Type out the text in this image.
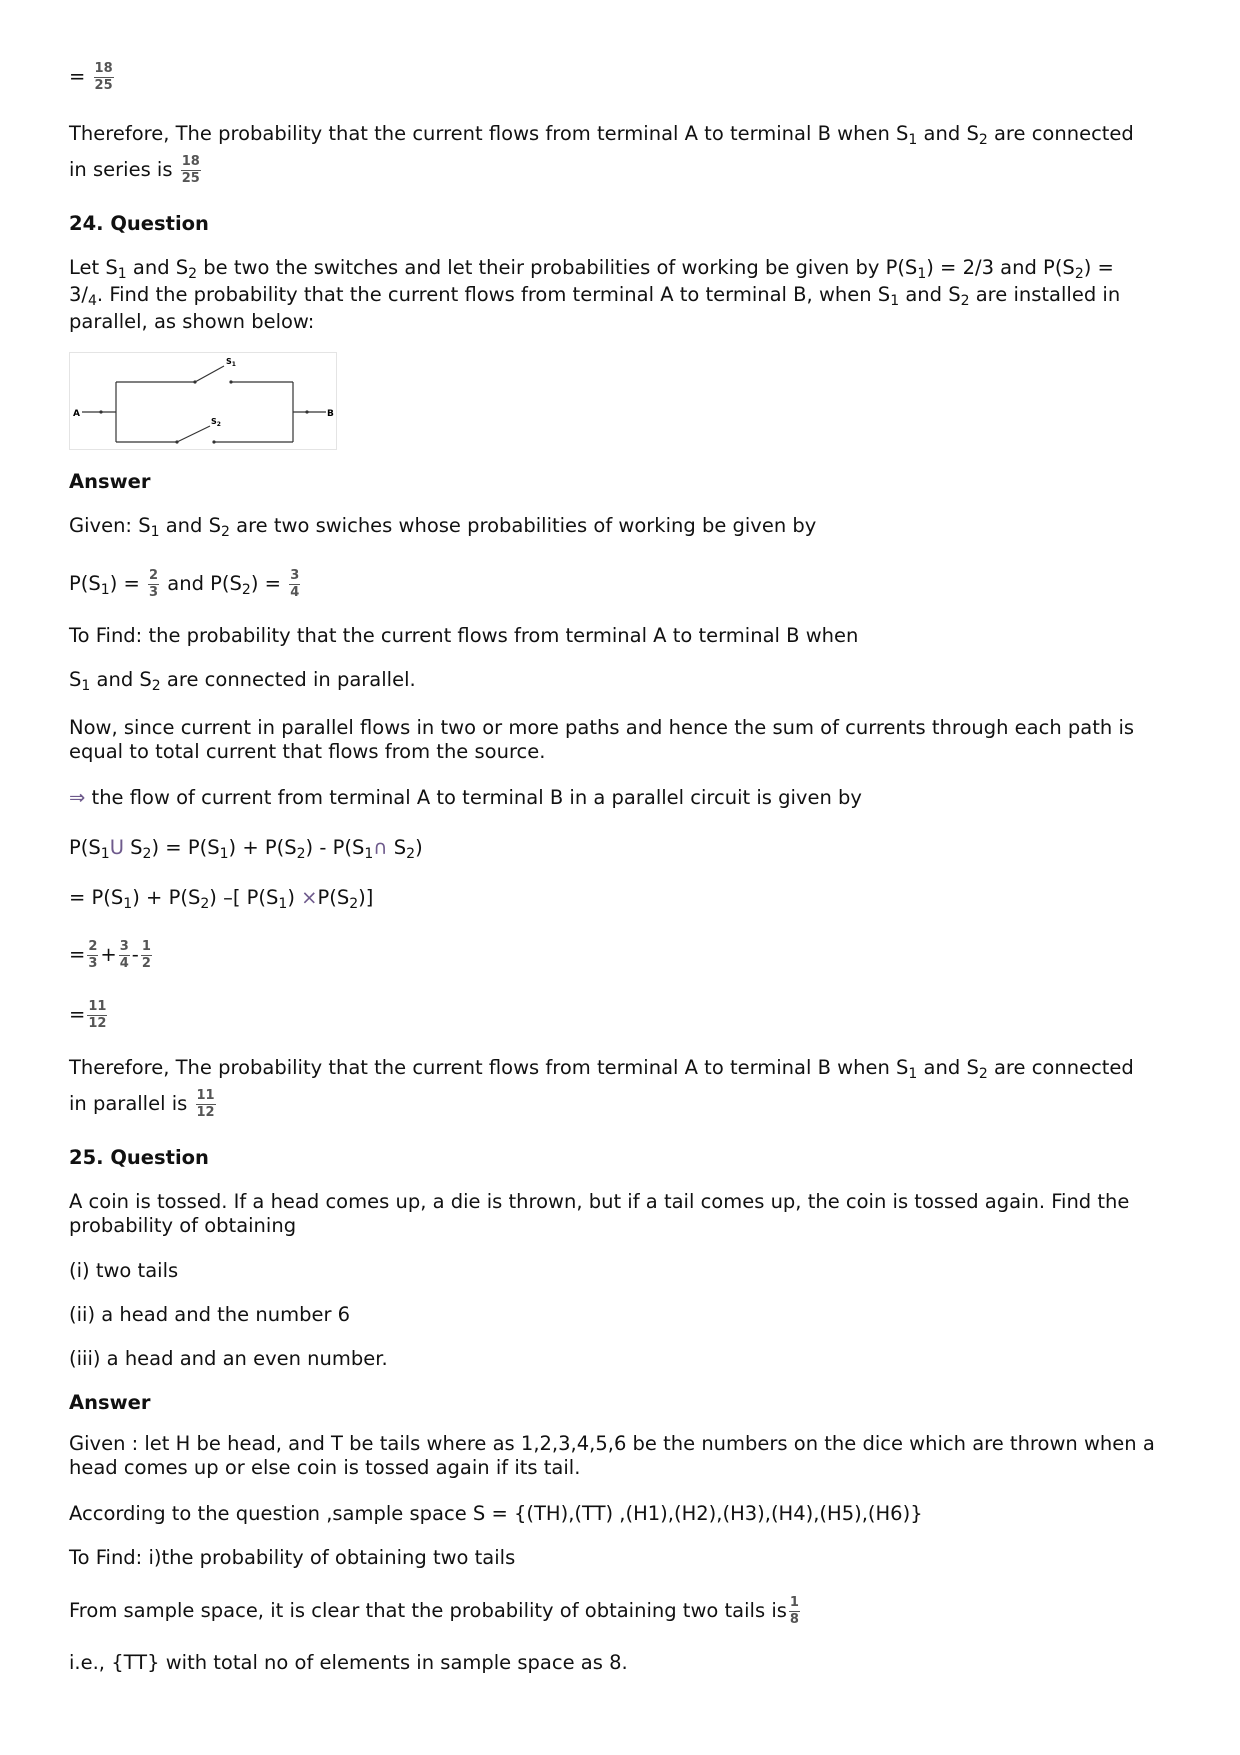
= $\frac{18}{25}$
Therefore, The probability that the current flows from terminal A to terminal B when $S_1$ and $S_2$ are connected
in series is $\frac{18}{25}$
24. Question
Let $S_1$ and $S_2$ be two the switches and let their probabilities of working be given by $P(S_1) = 2/3$ and $P(S_2)$ =
$3/_4$. Find the probability that the current flows from terminal A to terminal B, when $S_1$ and $S_2$ are installed in
parallel, as shown below:
A
$S_1$
$S_2$
B
Answer
Given: $S_1$ and $S_2$ are two swiches whose probabilities of working be given by
$P(S_1) = \frac{2}{3}$ and $P(S_2) = \frac{3}{4}$
To Find: the probability that the current flows from terminal A to terminal B when
$S_1$ and $S_2$ are connected in parallel.
Now, since current in parallel flows in two or more paths and hence the sum of currents through each path is equal to total current that flows from the source.
⇒ the flow of current from terminal A to terminal B in a parallel circuit is given by
$P(S_1U$ $S_2) = P(S_1) + P(S_2)$ - $P(S_1\cap$ $S_2$)
= $P(S_1) + P(S_2)$ –[ $P(S_1) \times P(S_2)$]
= $\frac{2}{3} + \frac{3}{4} - \frac{1}{2}$
= $\frac{11}{12}$
Therefore, The probability that the current flows from terminal A to terminal B when $S_1$ and $S_2$ are connected
in parallel is $\frac{11}{12}$
25. Question
A coin is tossed. If a head comes up, a die is thrown, but if a tail comes up, the coin is tossed again. Find the probability of obtaining
(i) two tails
(ii) a head and the number 6
(iii) a head and an even number.
Answer
Given : let H be head, and T be tails where as 1,2,3,4,5,6 be the numbers on the dice which are thrown when a head comes up or else coin is tossed again if its tail.
According to the question ,sample space S = {(TH),(TT) ,(H1),(H2),(H3),(H4),(H5),(H6)}
To Find: i)the probability of obtaining two tails
From sample space, it is clear that the probability of obtaining two tails is $\frac{1}{8}$
i.e., {TT} with total no of elements in sample space as 8.
